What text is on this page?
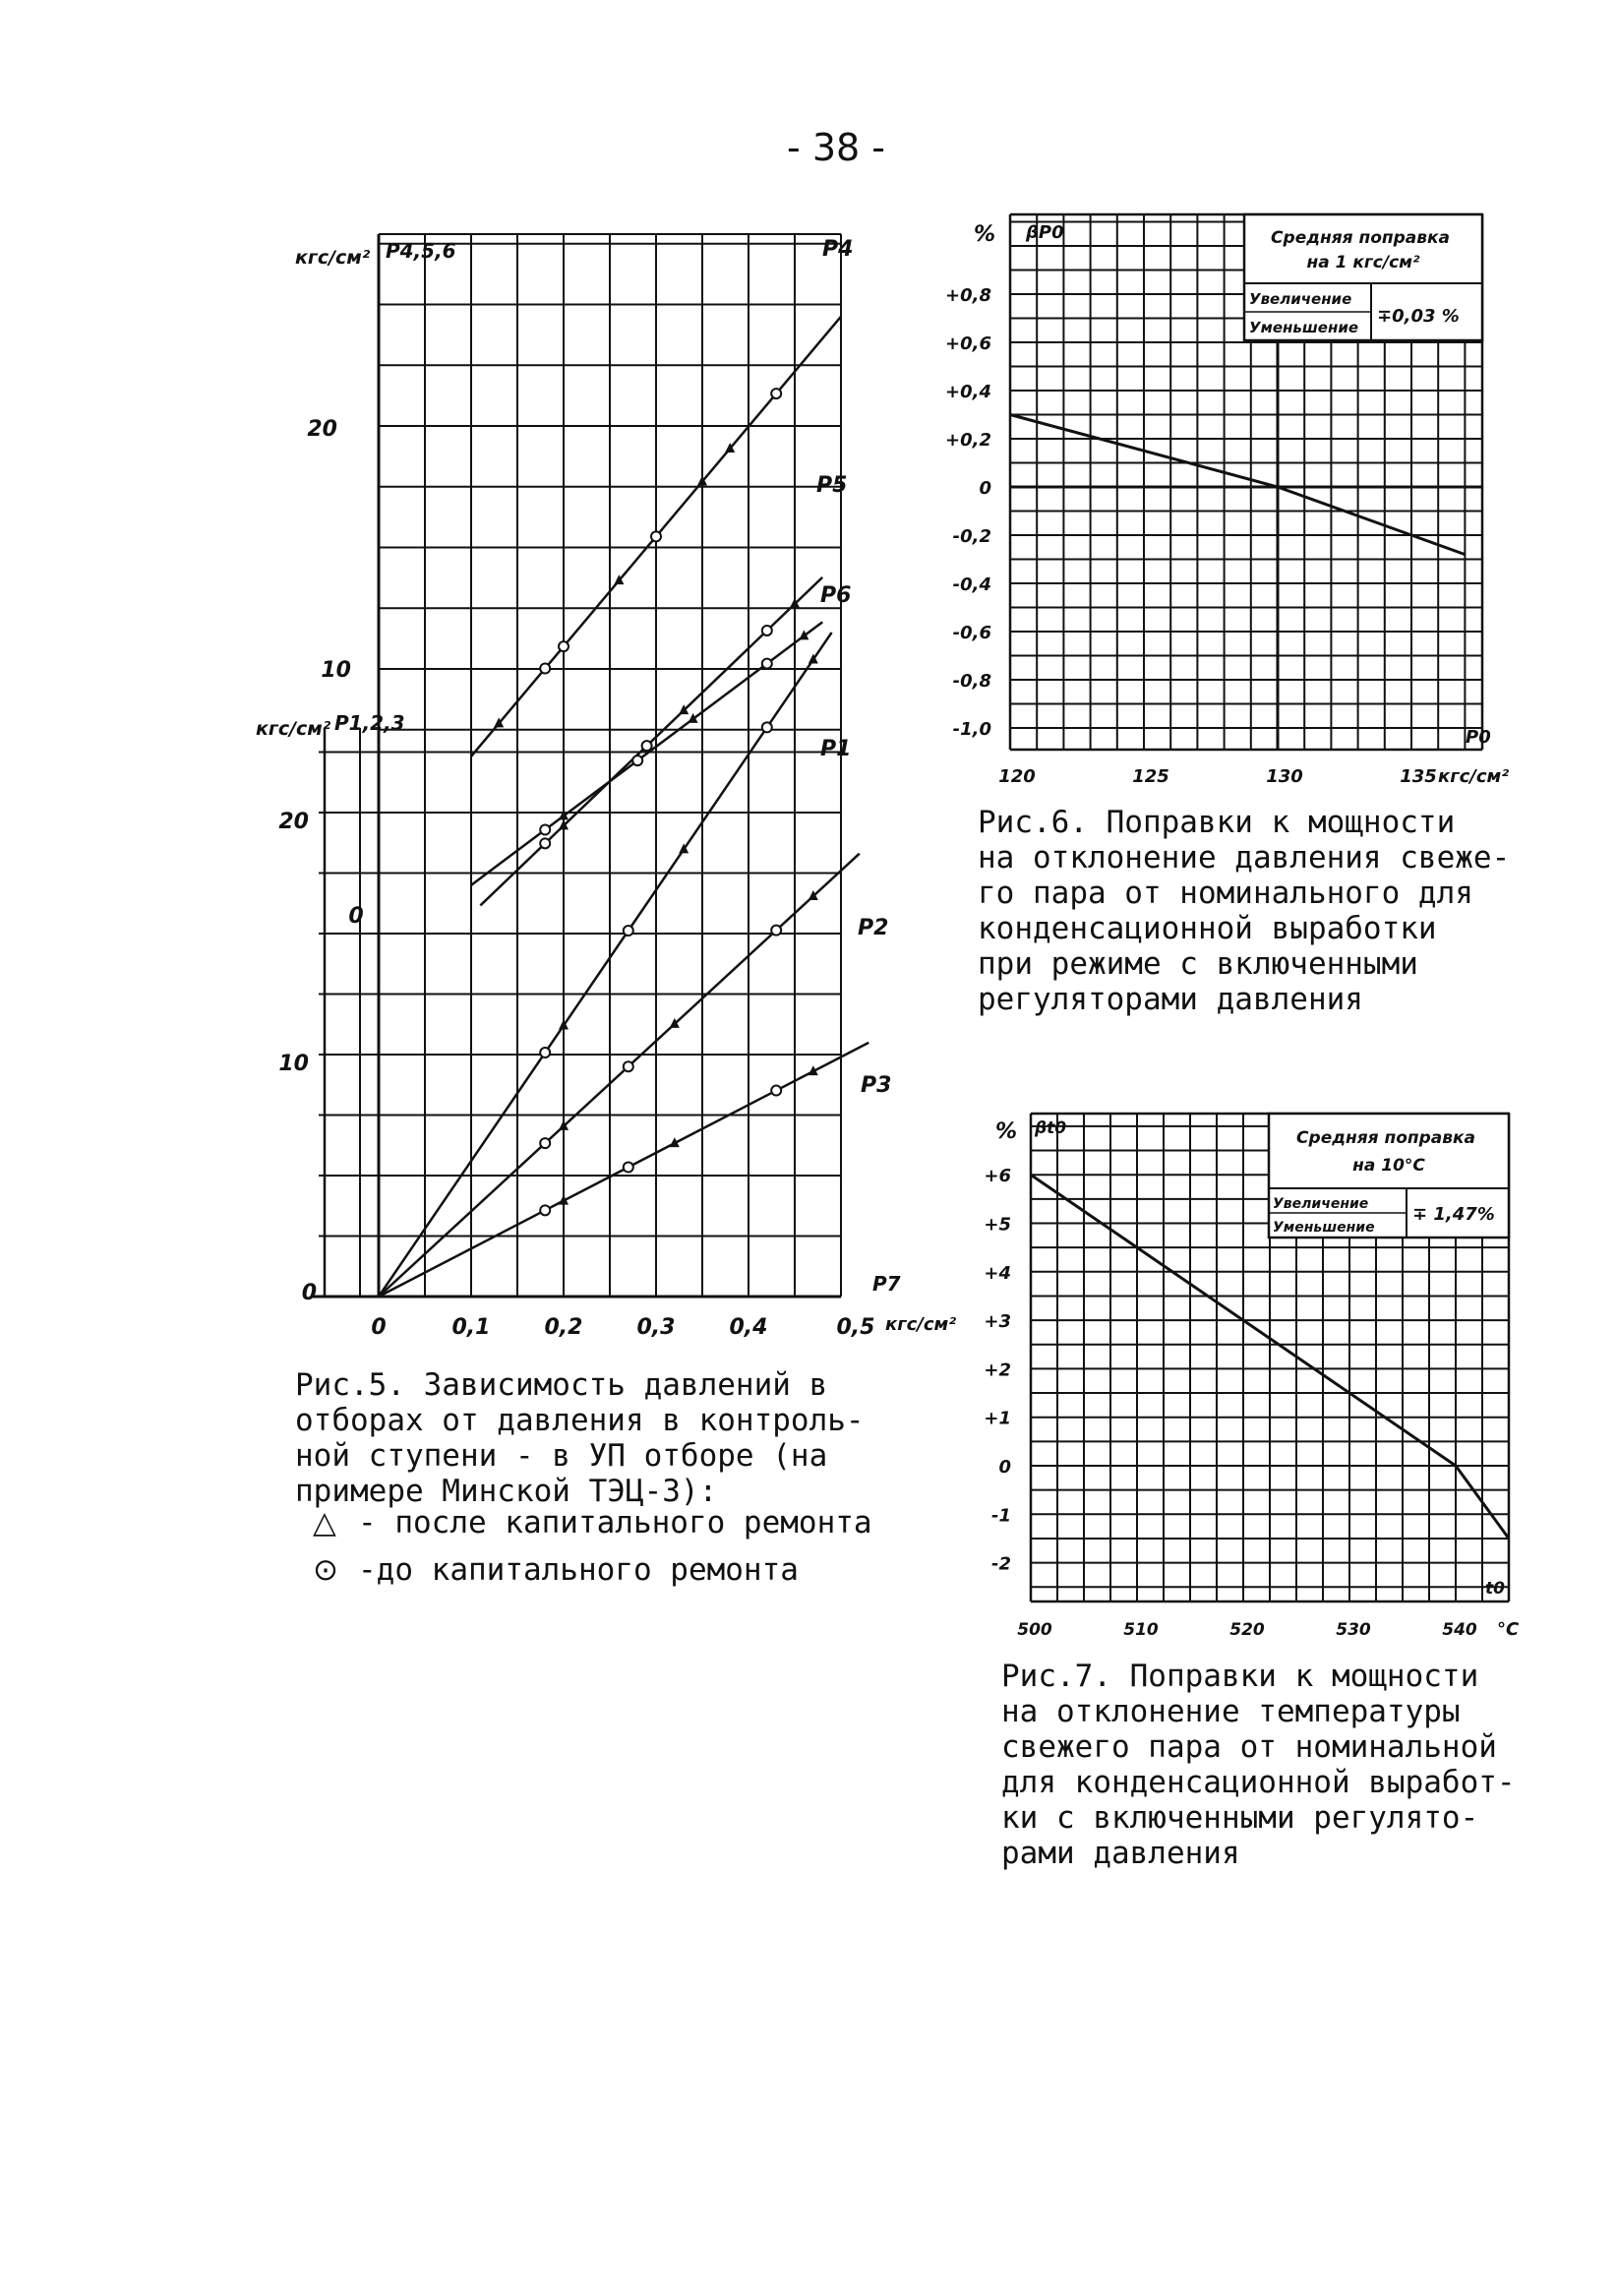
- 38 -
кгс/см² P4,5,6
20
10
кгс/см² P1,2,3
20
10
0
0
P7
0	0,1	0,2	0,3	0,4	0,5 кгс/см²
P4
P5
P6
P1
P2
P3
Рис.5. Зависимость давлений в
отборах от давления в контроль-
ной ступени - в УП отборе (на
примере Минской ТЭЦ-3):
△ - после капитального ремонта
⊙ -до капитального ремонта
Средняя поправка на 1 кгс/см²
Увеличение
Уменьшение
∓0,03 %
% βP0
+0,8
+0,6
+0,4
+0,2
0
-0,2
-0,4
-0,6
-0,8
-1,0
120	125	130	135
P0
кгс/см²
Рис.6. Поправки к мощности
на отклонение давления свеже-
го пара от номинального для
конденсационной выработки
при режиме с включенными
регуляторами давления
Средняя поправка на 10°C
Увеличение
Уменьшение
∓ 1,47%
% βt0
+6
+5
+4
+3
+2
+1
0
-1
-2
500	510	520	530	540
t0
°C
Рис.7. Поправки к мощности
на отклонение температуры
свежего пара от номинальной
для конденсационной выработ-
ки с включенными регулято-
рами давления
